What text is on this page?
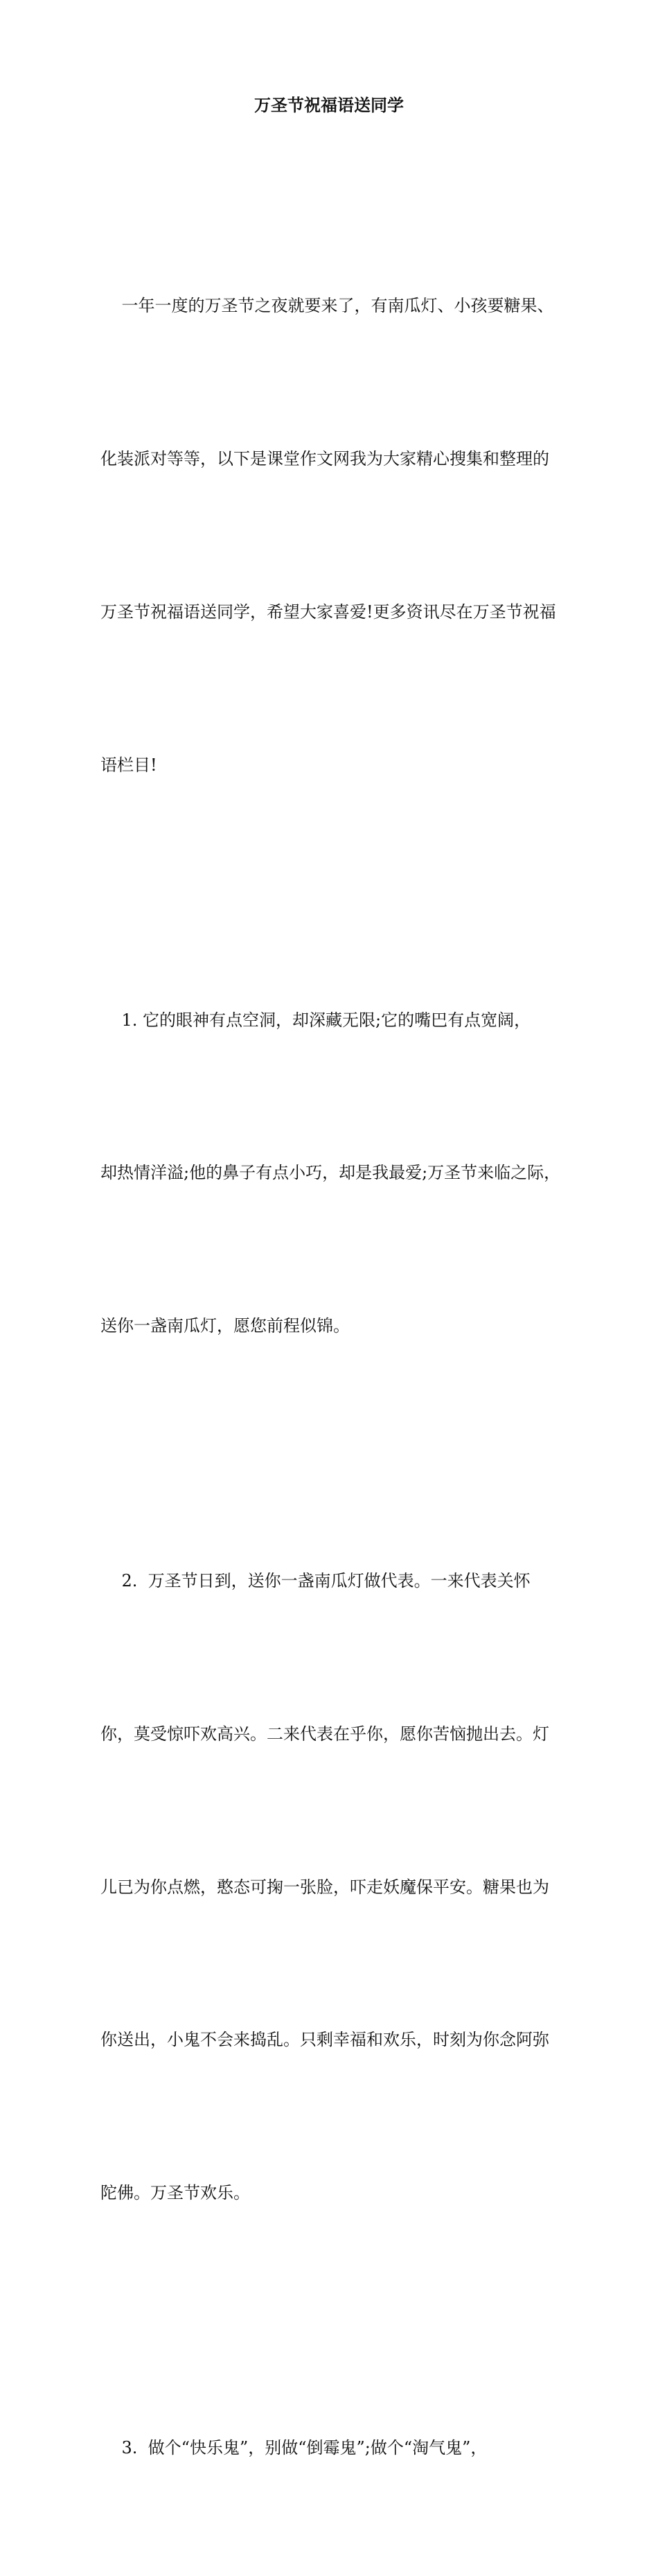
万圣节祝福语送同学

一年一度的万圣节之夜就要来了，有南瓜灯、小孩要糖果、

化装派对等等，以下是课堂作文网我为大家精心搜集和整理的

万圣节祝福语送同学，希望大家喜爱!更多资讯尽在万圣节祝福

语栏目!

1. 它的眼神有点空洞，却深藏无限;它的嘴巴有点宽阔，

却热情洋溢;他的鼻子有点小巧，却是我最爱;万圣节来临之际，

送你一盏南瓜灯，愿您前程似锦。

2.  万圣节日到，送你一盏南瓜灯做代表。一来代表关怀

你，莫受惊吓欢高兴。二来代表在乎你，愿你苦恼抛出去。灯

儿已为你点燃，憨态可掬一张脸，吓走妖魔保平安。糖果也为

你送出，小鬼不会来捣乱。只剩幸福和欢乐，时刻为你念阿弥

陀佛。万圣节欢乐。

3.  做个“快乐鬼”，别做“倒霉鬼”;做个“淘气鬼”，
